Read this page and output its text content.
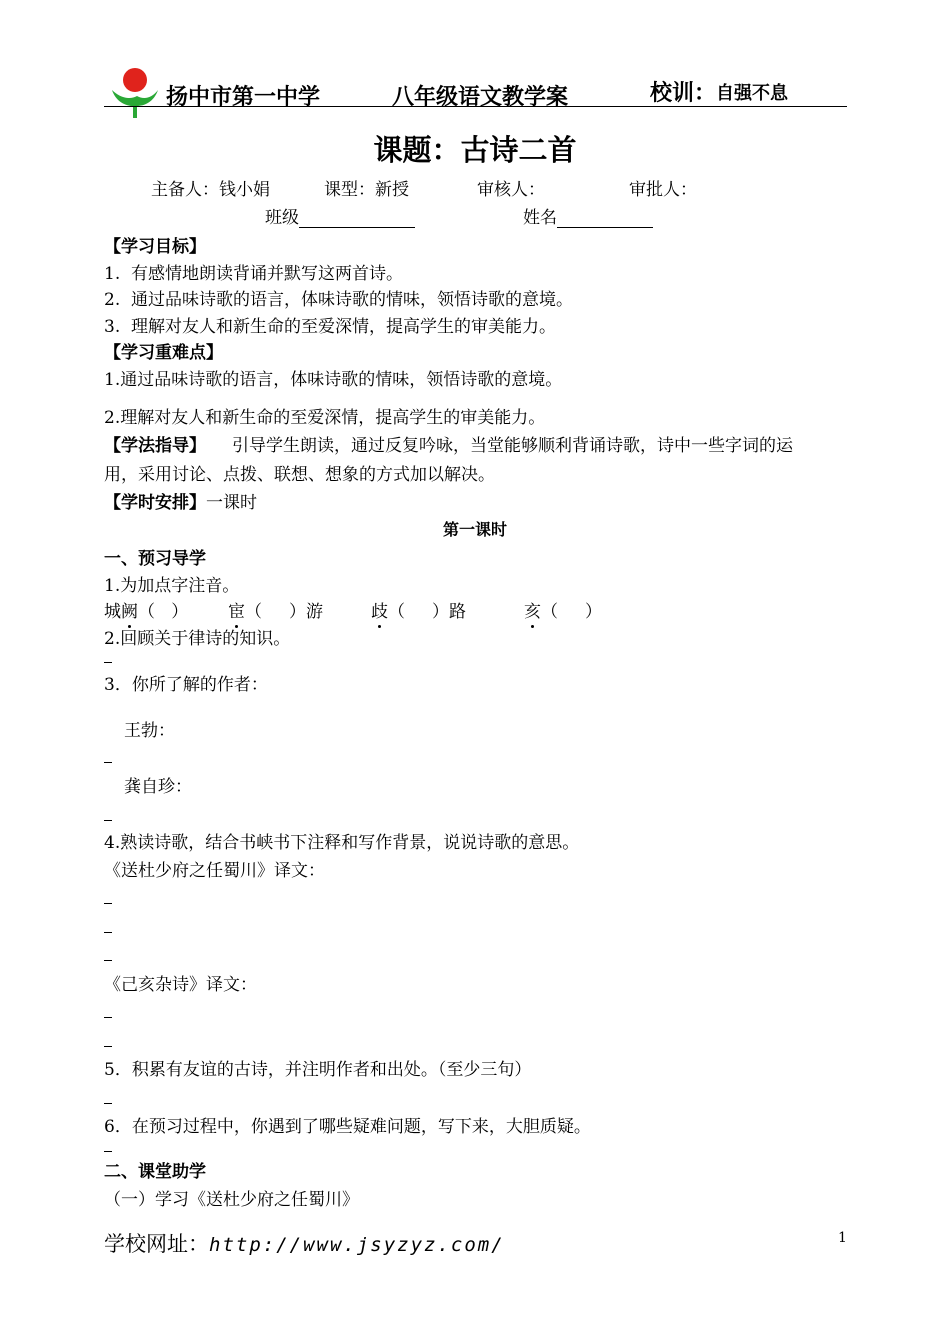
扬中市第一中学	八年级语文教学案	校训： 自强不息
课题：古诗二首
主备人：钱小娟	课型：新授	审核人：	审批人：
班级	姓名
【学习目标】
1.  有感情地朗读背诵并默写这两首诗。
2.  通过品味诗歌的语言，体味诗歌的情味，领悟诗歌的意境。
3.  理解对友人和新生命的至爱深情，提高学生的审美能力。
【学习重难点】
1.通过品味诗歌的语言，体味诗歌的情味，领悟诗歌的意境。
2.理解对友人和新生命的至爱深情，提高学生的审美能力。
【学法指导】 引导学生朗读，通过反复吟咏，当堂能够顺利背诵诗歌，诗中一些字词的运
用，采用讨论、点拨、联想、想象的方式加以解决。
【学时安排】一课时
第一课时
一、预习导学
1.为加点字注音。
城阙（   ） 宦（     ）游	歧（     ）路	亥（     ）
2.回顾关于律诗的知识。
3．你所了解的作者：
王勃：
龚自珍：
4.熟读诗歌，结合书峡书下注释和写作背景，说说诗歌的意思。
《送杜少府之任蜀川》译文：
《己亥杂诗》译文：
5．积累有友谊的古诗，并注明作者和出处。（至少三句）
6．在预习过程中，你遇到了哪些疑难问题，写下来，大胆质疑。
二、课堂助学
（一）学习《送杜少府之任蜀川》
学校网址：http://www.jsyzyz.com/	1
